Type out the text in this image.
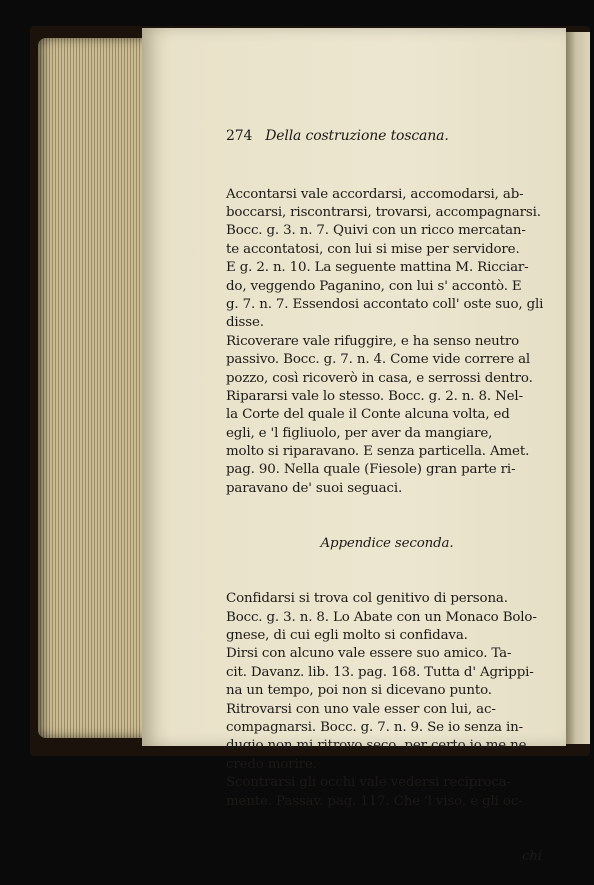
274 Della costruzione toscana.

Accontarsi vale accordarsi, accomodarsi, ab-
boccarsi, riscontrarsi, trovarsi, accompagnarsi.
Bocc. g. 3. n. 7. Quivi con un ricco mercatan-
te accontatosi, con lui si mise per servidore.
E g. 2. n. 10. La seguente mattina M. Ricciar-
do, veggendo Paganino, con lui s' accontò. E
g. 7. n. 7. Essendosi accontato coll' oste suo, gli
disse.
Ricoverare vale rifuggire, e ha senso neutro
passivo. Bocc. g. 7. n. 4. Come vide correre al
pozzo, così ricoverò in casa, e serrossi dentro.
Ripararsi vale lo stesso. Bocc. g. 2. n. 8. Nel-
la Corte del quale il Conte alcuna volta, ed
egli, e 'l figliuolo, per aver da mangiare,
molto si riparavano. E senza particella. Amet.
pag. 90. Nella quale (Fiesole) gran parte ri-
paravano de' suoi seguaci.

Appendice seconda.

Confidarsi si trova col genitivo di persona.
Bocc. g. 3. n. 8. Lo Abate con un Monaco Bolo-
gnese, di cui egli molto si confidava.
Dirsi con alcuno vale essere suo amico. Ta-
cit. Davanz. lib. 13. pag. 168. Tutta d' Agrippi-
na un tempo, poi non si dicevano punto.
Ritrovarsi con uno vale esser con lui, ac-
compagnarsi. Bocc. g. 7. n. 9. Se io senza in-
dugio non mi ritrovo seco, per certo io me ne
credo morire.
Scontrarsi gli occhi vale vedersi reciproca-
mente. Passav. pag. 117. Che 'l viso, e gli oc-

chi
